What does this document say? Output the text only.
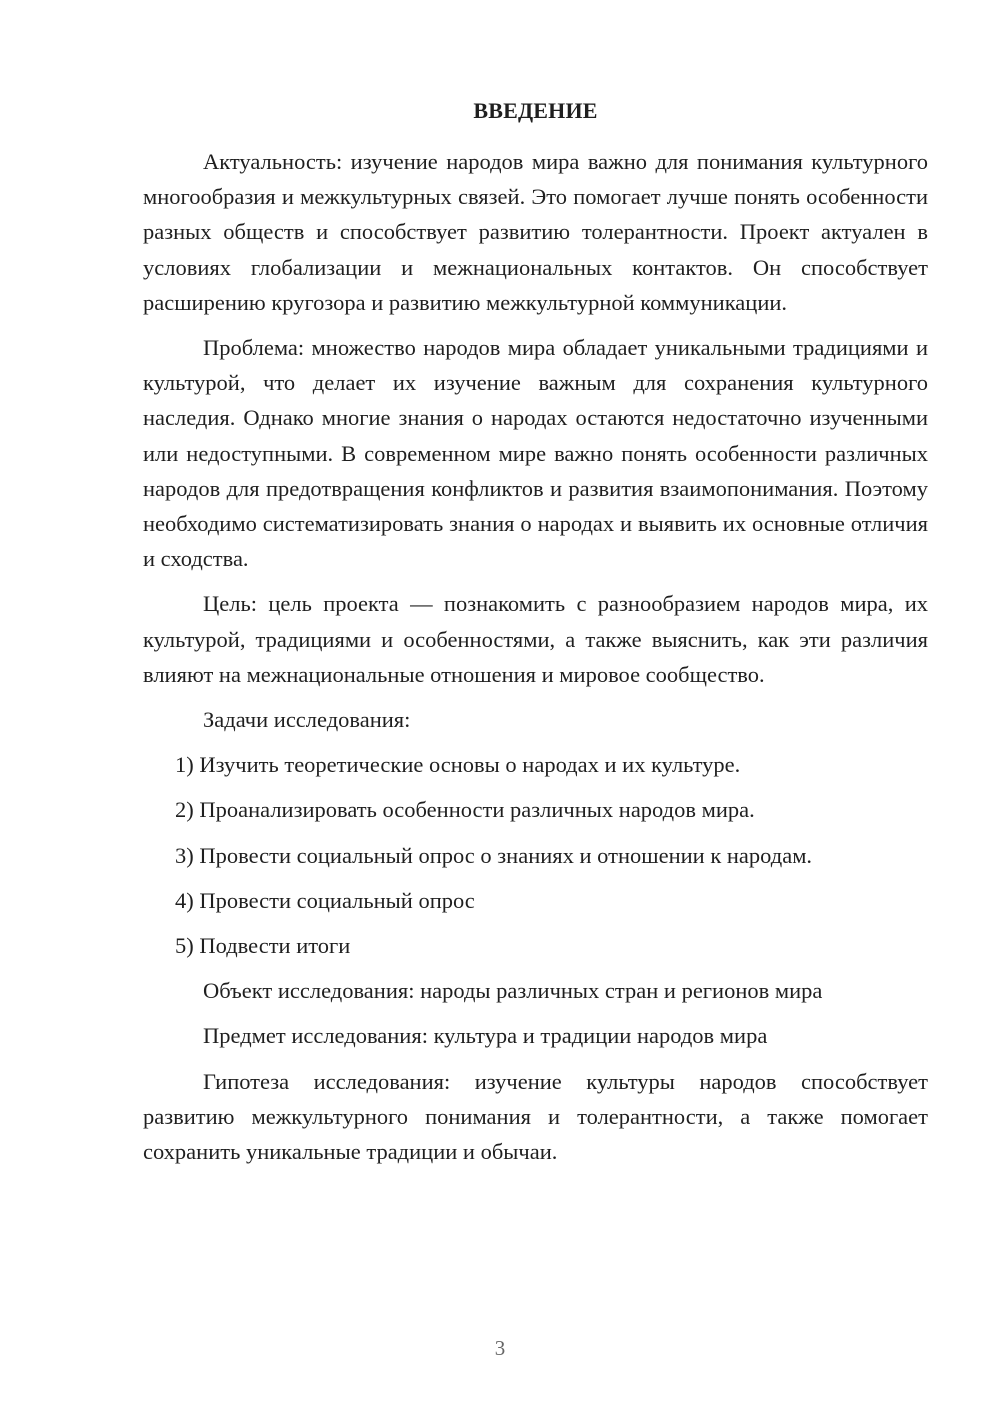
ВВЕДЕНИЕ

Актуальность: изучение народов мира важно для понимания культурного многообразия и межкультурных связей. Это помогает лучше понять особенности разных обществ и способствует развитию толерантности. Проект актуален в условиях глобализации и межнациональных контактов. Он способствует расширению кругозора и развитию межкультурной коммуникации.

Проблема: множество народов мира обладает уникальными традициями и культурой, что делает их изучение важным для сохранения культурного наследия. Однако многие знания о народах остаются недостаточно изученными или недоступными. В современном мире важно понять особенности различных народов для предотвращения конфликтов и развития взаимопонимания. Поэтому необходимо систематизировать знания о народах и выявить их основные отличия и сходства.

Цель: цель проекта — познакомить с разнообразием народов мира, их культурой, традициями и особенностями, а также выяснить, как эти различия влияют на межнациональные отношения и мировое сообщество.

Задачи исследования:
1) Изучить теоретические основы о народах и их культуре.
2) Проанализировать особенности различных народов мира.
3) Провести социальный опрос о знаниях и отношении к народам.
4) Провести социальный опрос
5) Подвести итоги
Объект исследования: народы различных стран и регионов мира
Предмет исследования: культура и традиции народов мира

Гипотеза исследования: изучение культуры народов способствует развитию межкультурного понимания и толерантности, а также помогает сохранить уникальные традиции и обычаи.

3
